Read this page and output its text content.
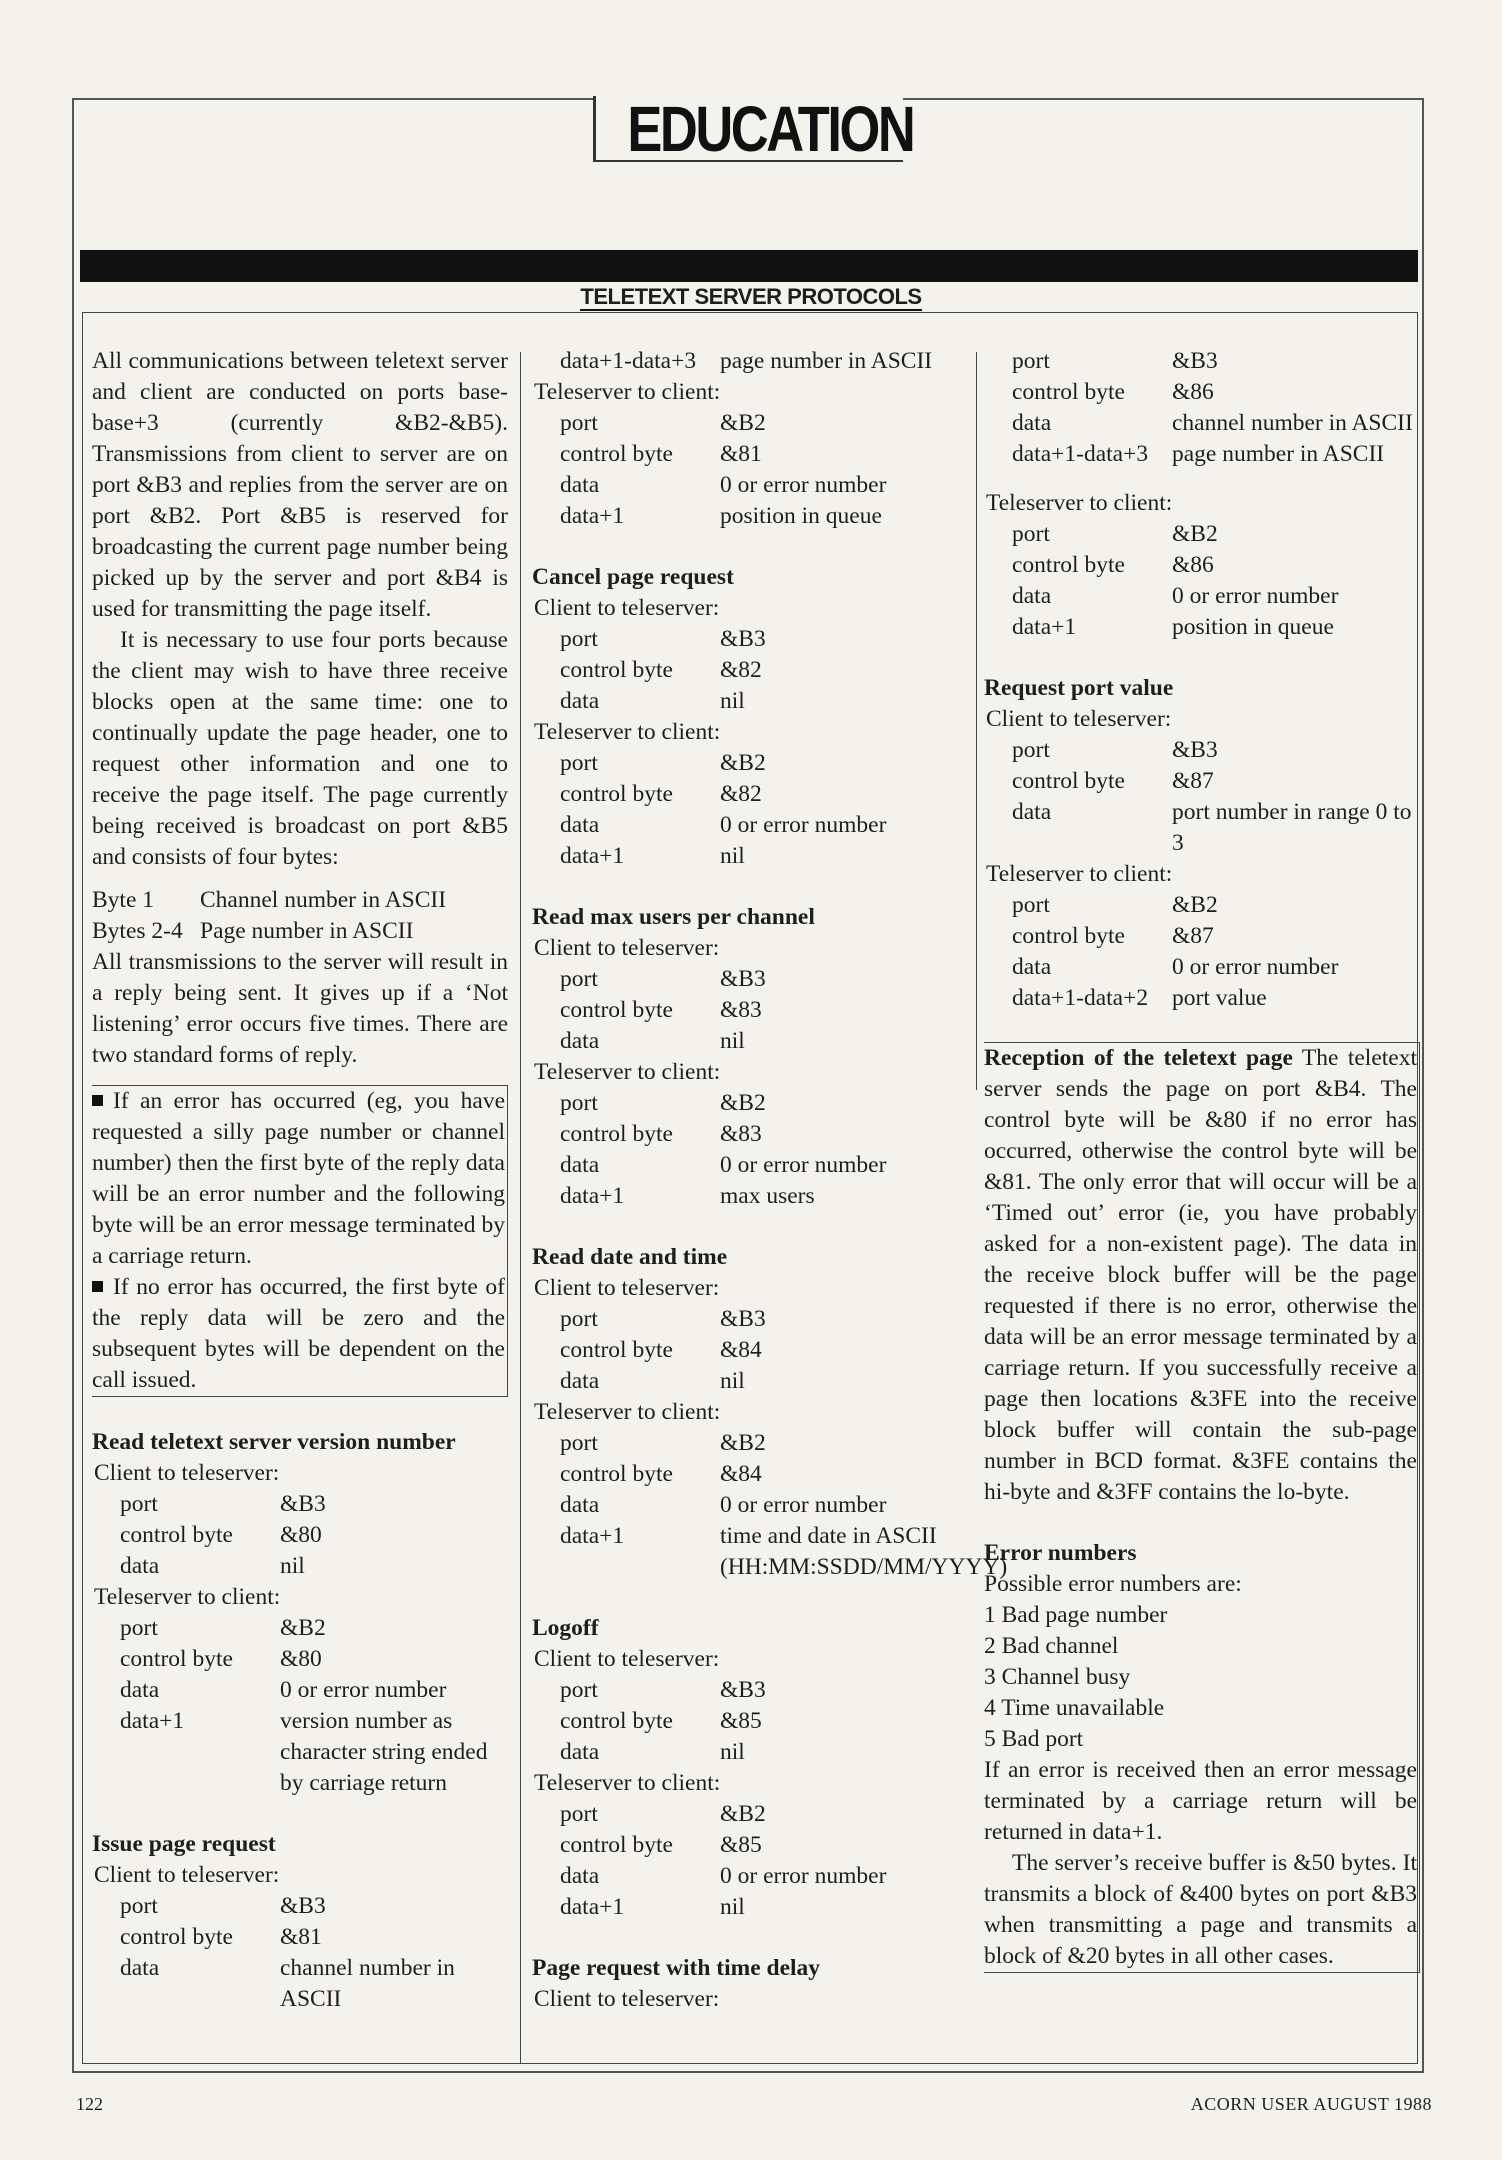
EDUCATION
TELETEXT SERVER PROTOCOLS

All communications between teletext server and client are conducted on ports base-base+3 (currently &B2-&B5). Transmissions from client to server are on port &B3 and replies from the server are on port &B2. Port &B5 is reserved for broadcasting the current page number being picked up by the server and port &B4 is used for transmitting the page itself.

It is necessary to use four ports because the client may wish to have three receive blocks open at the same time: one to continually update the page header, one to request other information and one to receive the page itself. The page currently being received is broadcast on port &B5 and consists of four bytes:

Byte 1	Channel number in ASCII
Bytes 2-4 Page number in ASCII

All transmissions to the server will result in a reply being sent. It gives up if a ‘Not listening’ error occurs five times. There are two standard forms of reply.

If an error has occurred (eg, you have requested a silly page number or channel number) then the first byte of the reply data will be an error number and the following byte will be an error message terminated by a carriage return.

If no error has occurred, the first byte of the reply data will be zero and the subsequent bytes will be dependent on the call issued.

Read teletext server version number

Client to teleserver:

port	&B3
control byte	&80
data	nil

Teleserver to client:

port	&B2
control byte	&80
data	0 or error number
data+1	version number as character string ended by carriage return

Issue page request

Client to teleserver:

port	&B3
control byte	&81
data	channel number in ASCII
data+1-data+3	page number in ASCII

Teleserver to client:

port	&B2
control byte	&81
data	0 or error number
data+1	position in queue

Cancel page request

Client to teleserver:

port	&B3
control byte	&82
data	nil

Teleserver to client:

port	&B2
control byte	&82
data	0 or error number
data+1	nil

Read max users per channel

Client to teleserver:

port	&B3
control byte	&83
data	nil

Teleserver to client:

port	&B2
control byte	&83
data	0 or error number
data+1	max users

Read date and time

Client to teleserver:

port	&B3
control byte	&84
data	nil

Teleserver to client:

port	&B2
control byte	&84
data	0 or error number
data+1	time and date in ASCII (HH:MM:SSDD/MM/YYYY)

Logoff

Client to teleserver:

port	&B3
control byte	&85
data	nil

Teleserver to client:

port	&B2
control byte	&85
data	0 or error number
data+1	nil

Page request with time delay

Client to teleserver:

port	&B3
control byte	&86
data	channel number in ASCII
data+1-data+3	page number in ASCII

Teleserver to client:

port	&B2
control byte	&86
data	0 or error number
data+1	position in queue

Request port value

Client to teleserver:

port	&B3
control byte	&87
data	port number in range 0 to 3

Teleserver to client:

port	&B2
control byte	&87
data	0 or error number
data+1-data+2	port value

Reception of the teletext page The teletext server sends the page on port &B4. The control byte will be &80 if no error has occurred, otherwise the control byte will be &81. The only error that will occur will be a ‘Timed out’ error (ie, you have probably asked for a non-existent page). The data in the receive block buffer will be the page requested if there is no error, otherwise the data will be an error message terminated by a carriage return. If you successfully receive a page then locations &3FE into the receive block buffer will contain the sub-page number in BCD format. &3FE contains the hi-byte and &3FF contains the lo-byte.

Error numbers

Possible error numbers are:

1 Bad page number

2 Bad channel

3 Channel busy

4 Time unavailable

5 Bad port

If an error is received then an error message terminated by a carriage return will be returned in data+1.

The server’s receive buffer is &50 bytes. It transmits a block of &400 bytes on port &B3 when transmitting a page and transmits a block of &20 bytes in all other cases.

122	ACORN USER AUGUST 1988
